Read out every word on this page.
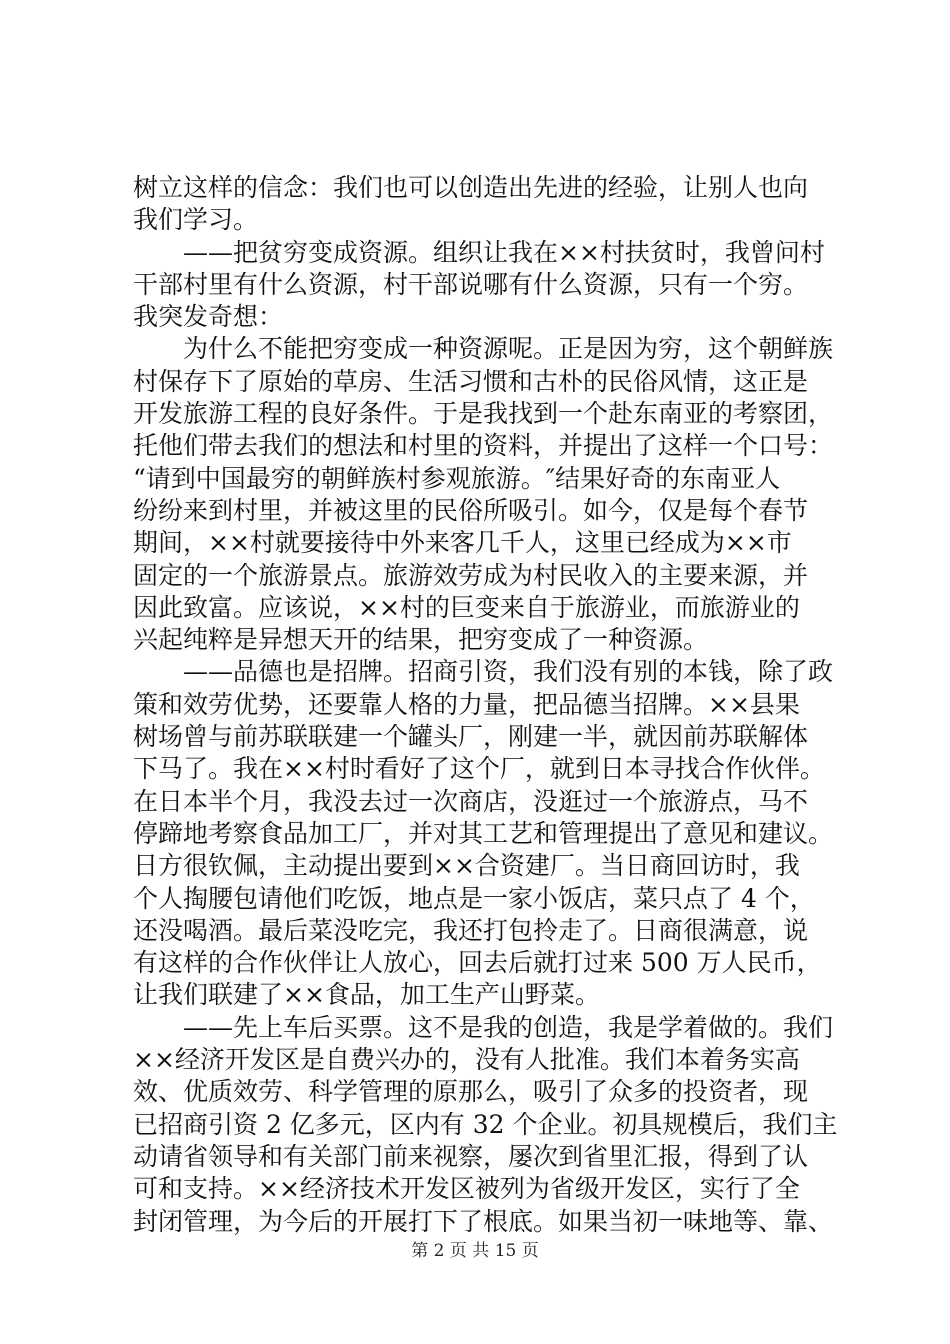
树立这样的信念：我们也可以创造出先进的经验，让别人也向
我们学习。
　　——把贫穷变成资源。组织让我在××村扶贫时，我曾问村
干部村里有什么资源，村干部说哪有什么资源，只有一个穷。
我突发奇想：
　　为什么不能把穷变成一种资源呢。正是因为穷，这个朝鲜族
村保存下了原始的草房、生活习惯和古朴的民俗风情，这正是
开发旅游工程的良好条件。于是我找到一个赴东南亚的考察团，
托他们带去我们的想法和村里的资料，并提出了这样一个口号：
“请到中国最穷的朝鲜族村参观旅游。″结果好奇的东南亚人
纷纷来到村里，并被这里的民俗所吸引。如今，仅是每个春节
期间，××村就要接待中外来客几千人，这里已经成为××市
固定的一个旅游景点。旅游效劳成为村民收入的主要来源，并
因此致富。应该说，××村的巨变来自于旅游业，而旅游业的
兴起纯粹是异想天开的结果，把穷变成了一种资源。
　　——品德也是招牌。招商引资，我们没有别的本钱，除了政
策和效劳优势，还要靠人格的力量，把品德当招牌。××县果
树场曾与前苏联联建一个罐头厂，刚建一半，就因前苏联解体
下马了。我在××村时看好了这个厂，就到日本寻找合作伙伴。
在日本半个月，我没去过一次商店，没逛过一个旅游点，马不
停蹄地考察食品加工厂，并对其工艺和管理提出了意见和建议。
日方很钦佩，主动提出要到××合资建厂。当日商回访时，我
个人掏腰包请他们吃饭，地点是一家小饭店，菜只点了 4 个，
还没喝酒。最后菜没吃完，我还打包拎走了。日商很满意，说
有这样的合作伙伴让人放心，回去后就打过来 500 万人民币，
让我们联建了××食品，加工生产山野菜。
　　——先上车后买票。这不是我的创造，我是学着做的。我们
××经济开发区是自费兴办的，没有人批准。我们本着务实高
效、优质效劳、科学管理的原那么，吸引了众多的投资者，现
已招商引资 2 亿多元，区内有 32 个企业。初具规模后，我们主
动请省领导和有关部门前来视察，屡次到省里汇报，得到了认
可和支持。××经济技术开发区被列为省级开发区，实行了全
封闭管理，为今后的开展打下了根底。如果当初一味地等、靠、
第 2 页 共 15 页
